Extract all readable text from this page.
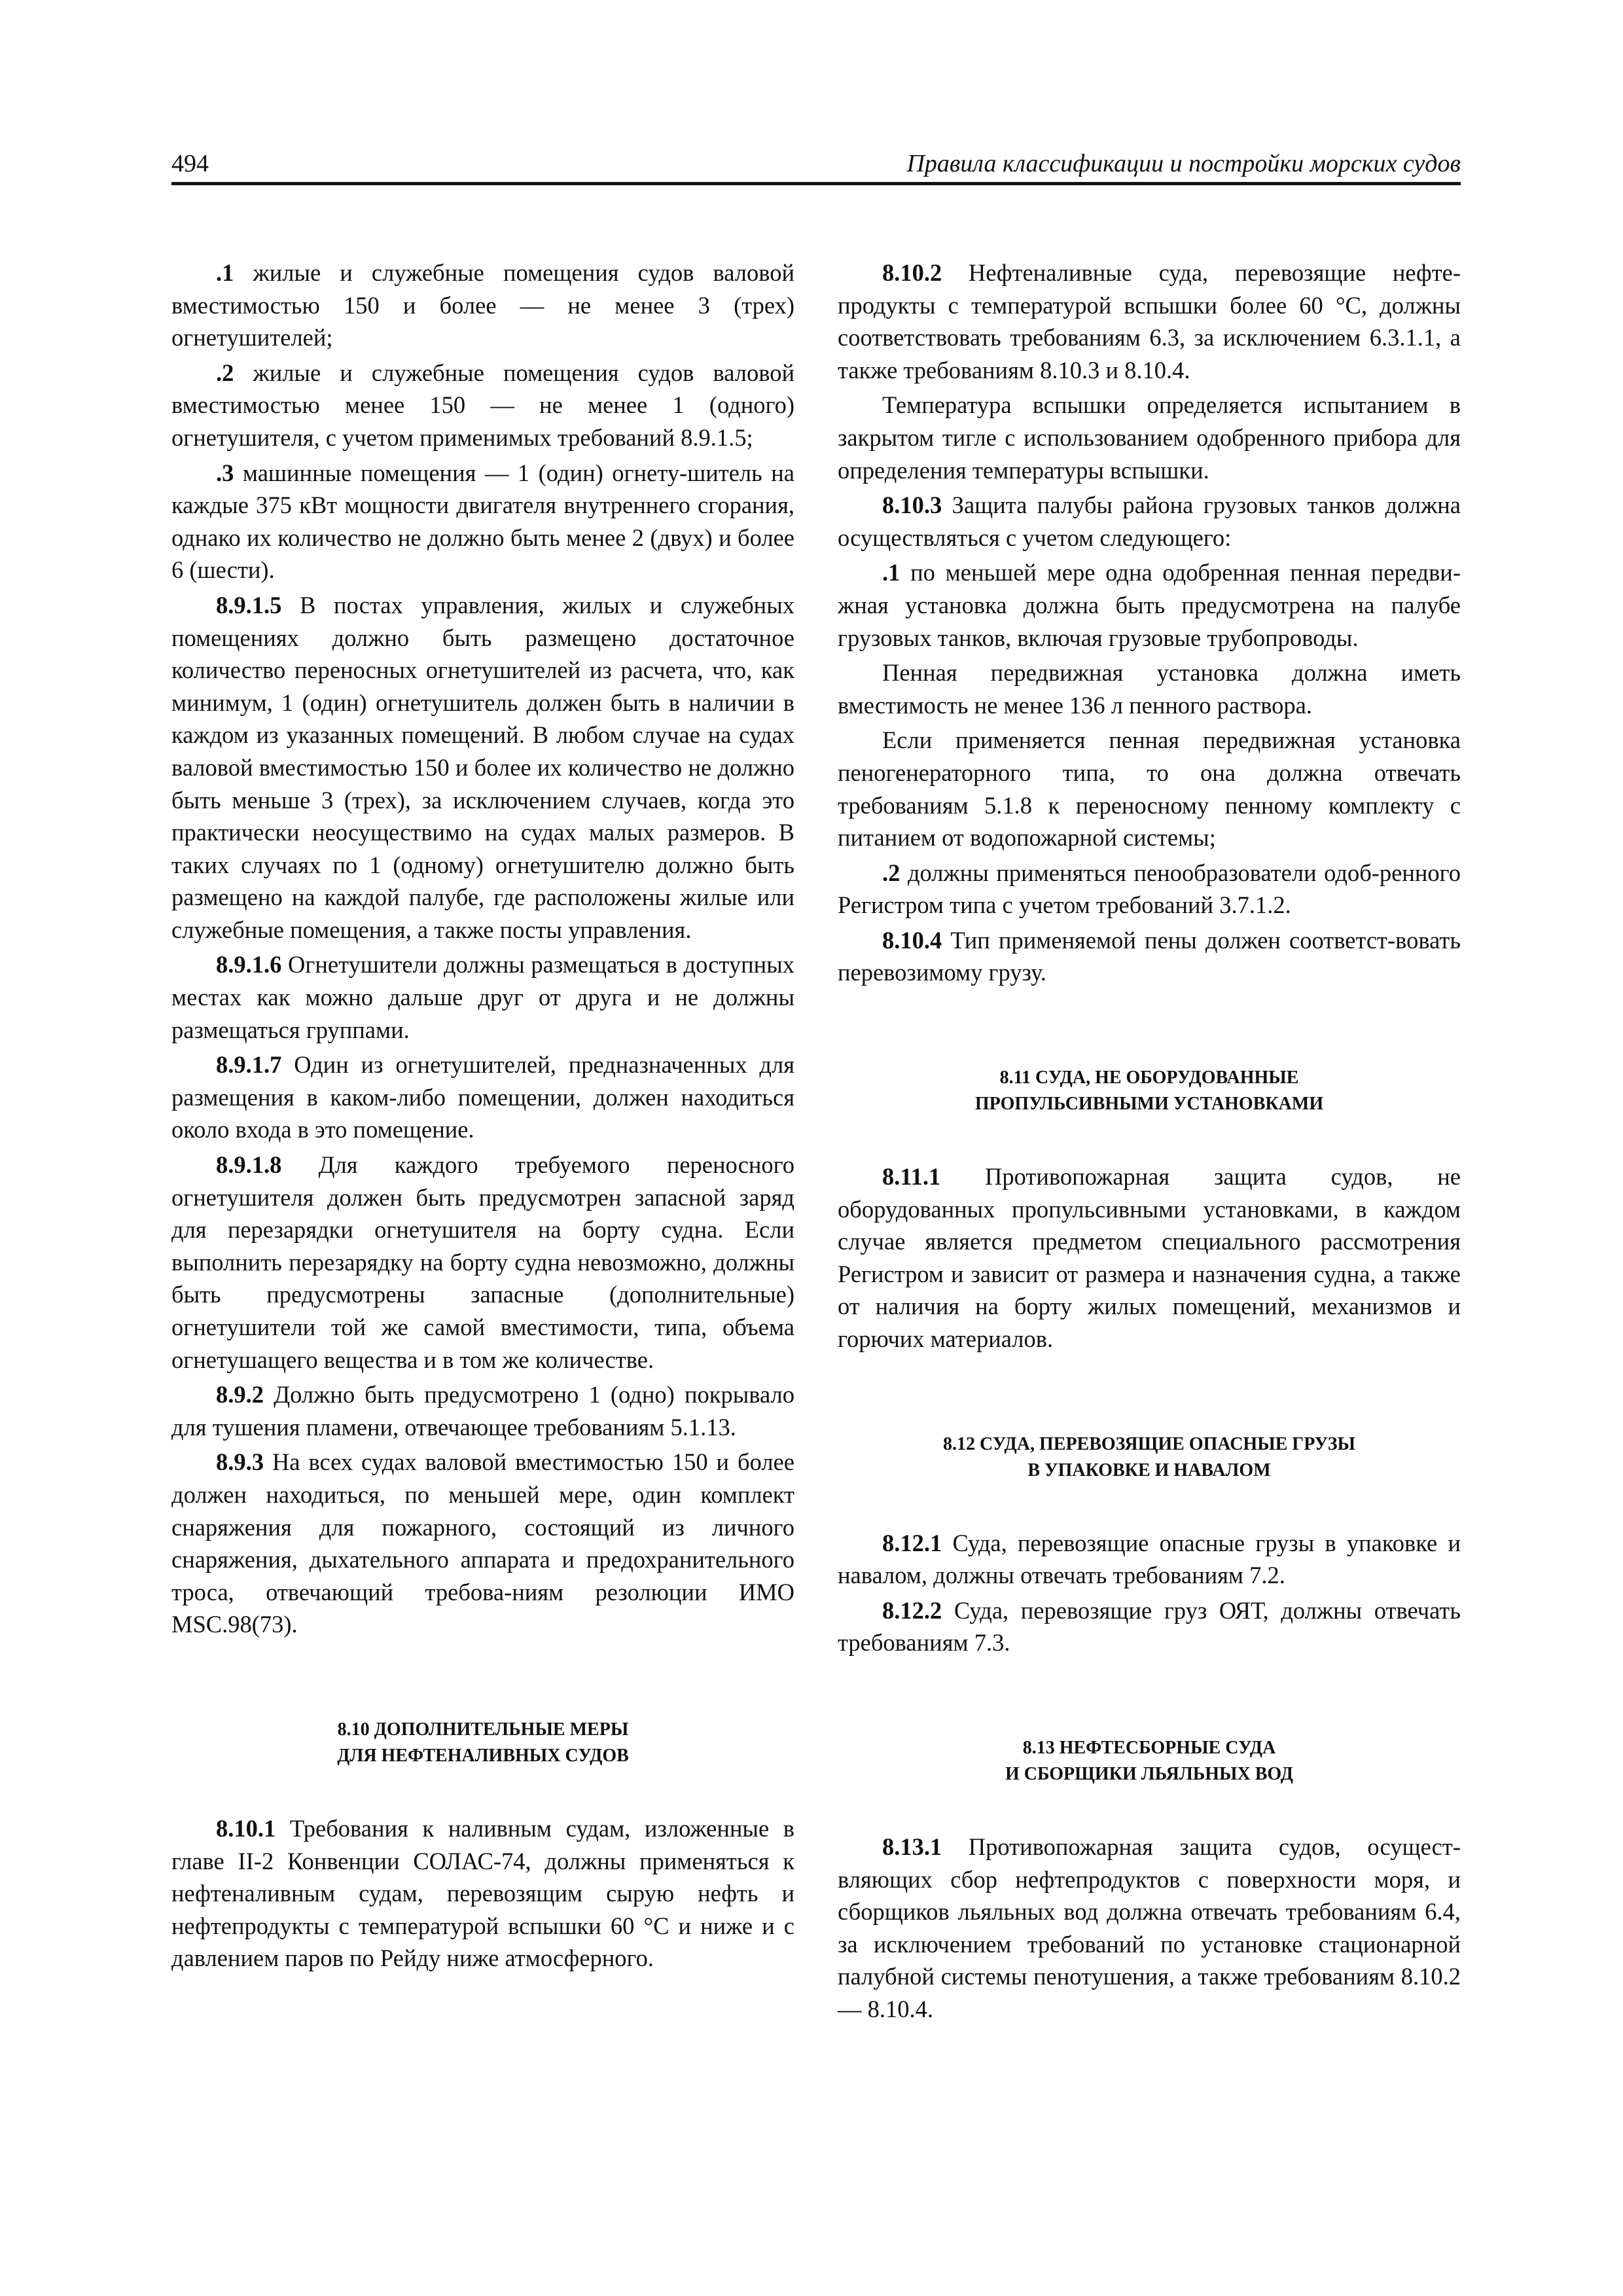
494	Правила классификации и постройки морских судов

.1 жилые и служебные помещения судов валовой вместимостью 150 и более — не менее 3 (трех) огнетушителей;

.2 жилые и служебные помещения судов валовой вместимостью менее 150 — не менее 1 (одного) огнетушителя, с учетом применимых требований 8.9.1.5;

.3 машинные помещения — 1 (один) огнету-шитель на каждые 375 кВт мощности двигателя внутреннего сгорания, однако их количество не должно быть менее 2 (двух) и более 6 (шести).

8.9.1.5 В постах управления, жилых и служебных помещениях должно быть размещено достаточное количество переносных огнетушителей из расчета, что, как минимум, 1 (один) огнетушитель должен быть в наличии в каждом из указанных помещений. В любом случае на судах валовой вместимостью 150 и более их количество не должно быть меньше 3 (трех), за исключением случаев, когда это практически неосуществимо на судах малых размеров. В таких случаях по 1 (одному) огнетушителю должно быть размещено на каждой палубе, где расположены жилые или служебные помещения, а также посты управления.

8.9.1.6 Огнетушители должны размещаться в доступных местах как можно дальше друг от друга и не должны размещаться группами.

8.9.1.7 Один из огнетушителей, предназначенных для размещения в каком-либо помещении, должен находиться около входа в это помещение.

8.9.1.8 Для каждого требуемого переносного огнетушителя должен быть предусмотрен запасной заряд для перезарядки огнетушителя на борту судна. Если выполнить перезарядку на борту судна невозможно, должны быть предусмотрены запасные (дополнительные) огнетушители той же самой вместимости, типа, объема огнетушащего вещества и в том же количестве.

8.9.2 Должно быть предусмотрено 1 (одно) покрывало для тушения пламени, отвечающее требованиям 5.1.13.

8.9.3 На всех судах валовой вместимостью 150 и более должен находиться, по меньшей мере, один комплект снаряжения для пожарного, состоящий из личного снаряжения, дыхательного аппарата и предохранительного троса, отвечающий требова-ниям резолюции ИМО MSC.98(73).

8.10 ДОПОЛНИТЕЛЬНЫЕ МЕРЫ
ДЛЯ НЕФТЕНАЛИВНЫХ СУДОВ

8.10.1 Требования к наливным судам, изложенные в главе II-2 Конвенции СОЛАС-74, должны применяться к нефтеналивным судам, перевозящим сырую нефть и нефтепродукты с температурой вспышки 60 °С и ниже и с давлением паров по Рейду ниже атмосферного.

8.10.2 Нефтеналивные суда, перевозящие нефте-продукты с температурой вспышки более 60 °С, должны соответствовать требованиям 6.3, за исключением 6.3.1.1, а также требованиям 8.10.3 и 8.10.4.

Температура вспышки определяется испытанием в закрытом тигле с использованием одобренного прибора для определения температуры вспышки.

8.10.3 Защита палубы района грузовых танков должна осуществляться с учетом следующего:

.1 по меньшей мере одна одобренная пенная передви-жная установка должна быть предусмотрена на палубе грузовых танков, включая грузовые трубопроводы.

Пенная передвижная установка должна иметь вместимость не менее 136 л пенного раствора.

Если применяется пенная передвижная установка пеногенераторного типа, то она должна отвечать требованиям 5.1.8 к переносному пенному комплекту с питанием от водопожарной системы;

.2 должны применяться пенообразователи одоб-ренного Регистром типа с учетом требований 3.7.1.2.

8.10.4 Тип применяемой пены должен соответст-вовать перевозимому грузу.

8.11 СУДА, НЕ ОБОРУДОВАННЫЕ
ПРОПУЛЬСИВНЫМИ УСТАНОВКАМИ

8.11.1 Противопожарная защита судов, не оборудованных пропульсивными установками, в каждом случае является предметом специального рассмотрения Регистром и зависит от размера и назначения судна, а также от наличия на борту жилых помещений, механизмов и горючих материалов.

8.12 СУДА, ПЕРЕВОЗЯЩИЕ ОПАСНЫЕ ГРУЗЫ
В УПАКОВКЕ И НАВАЛОМ

8.12.1 Суда, перевозящие опасные грузы в упаковке и навалом, должны отвечать требованиям 7.2.

8.12.2 Суда, перевозящие груз ОЯТ, должны отвечать требованиям 7.3.

8.13 НЕФТЕСБОРНЫЕ СУДА
И СБОРЩИКИ ЛЬЯЛЬНЫХ ВОД

8.13.1 Противопожарная защита судов, осущест-вляющих сбор нефтепродуктов с поверхности моря, и сборщиков льяльных вод должна отвечать требованиям 6.4, за исключением требований по установке стационарной палубной системы пенотушения, а также требованиям 8.10.2 — 8.10.4.
